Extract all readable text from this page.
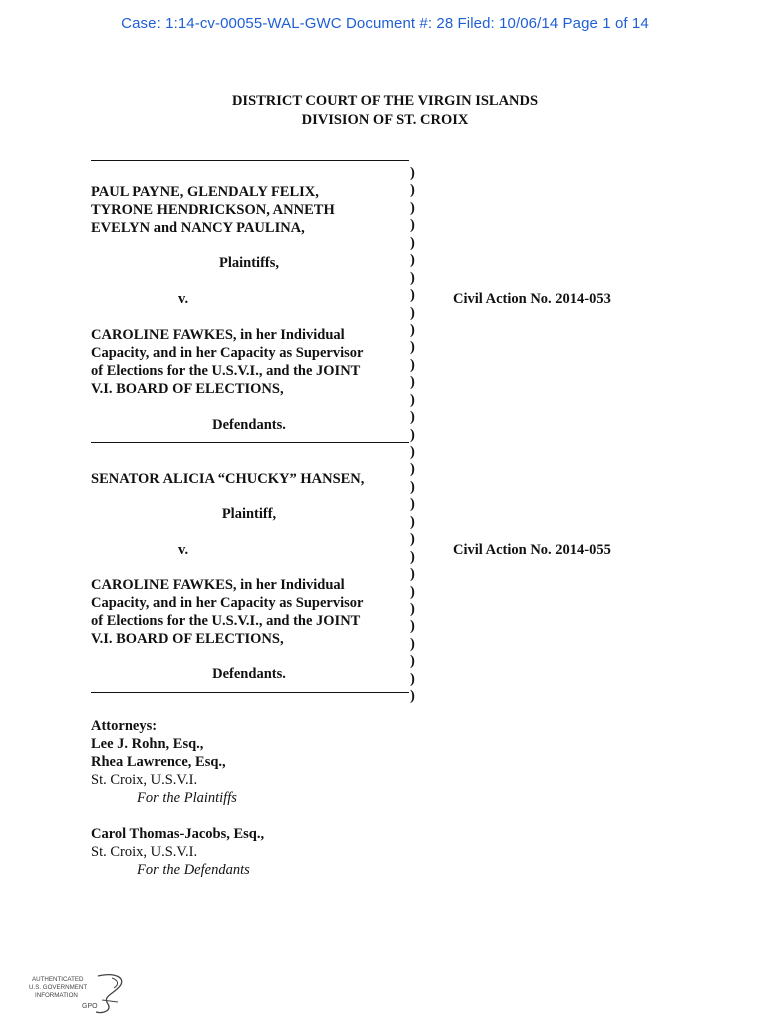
Case: 1:14-cv-00055-WAL-GWC Document #: 28 Filed: 10/06/14 Page 1 of 14
DISTRICT COURT OF THE VIRGIN ISLANDS
DIVISION OF ST. CROIX
PAUL PAYNE, GLENDALY FELIX,
TYRONE HENDRICKSON, ANNETH
EVELYN and NANCY PAULINA,
Plaintiffs,
v.
CAROLINE FAWKES, in her Individual
Capacity, and in her Capacity as Supervisor
of Elections for the U.S.V.I., and the JOINT
V.I. BOARD OF ELECTIONS,
Defendants.
Civil Action No. 2014-053
SENATOR ALICIA “CHUCKY” HANSEN,
Plaintiff,
v.
CAROLINE FAWKES, in her Individual
Capacity, and in her Capacity as Supervisor
of Elections for the U.S.V.I., and the JOINT
V.I. BOARD OF ELECTIONS,
Defendants.
Civil Action No. 2014-055
)
)
)
)
)
)
)
)
)
)
)
)
)
)
)
)
)
)
)
)
)
)
)
)
)
)
)
)
)
)
)
Attorneys:
Lee J. Rohn, Esq.,
Rhea Lawrence, Esq.,
St. Croix, U.S.V.I.
For the Plaintiffs
Carol Thomas-Jacobs, Esq.,
St. Croix, U.S.V.I.
For the Defendants
AUTHENTICATED
U.S. GOVERNMENT
INFORMATION
GPO
